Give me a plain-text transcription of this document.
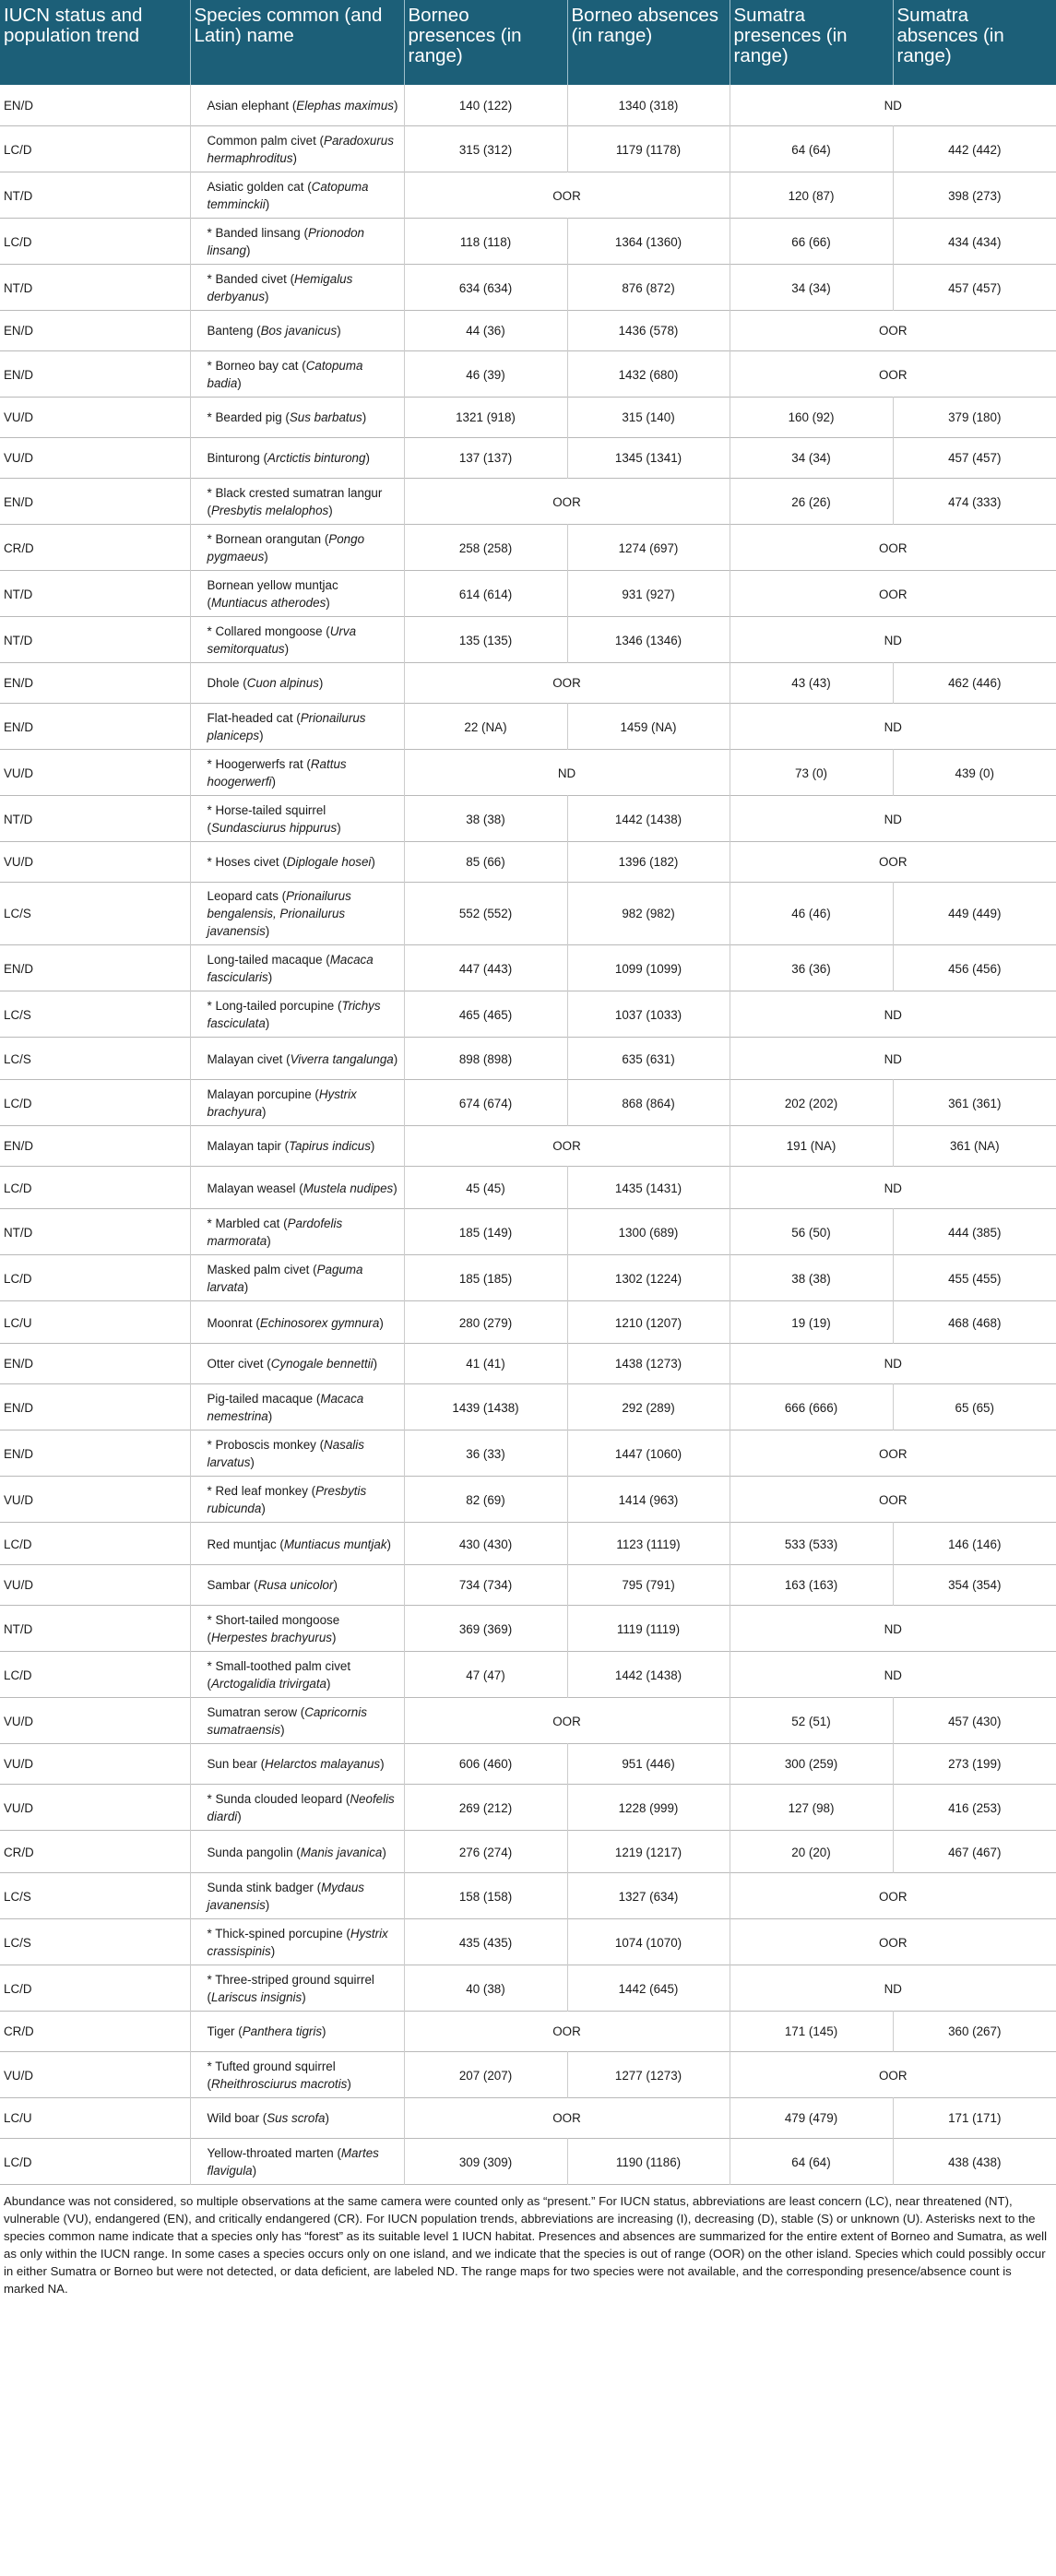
IUCN status and population trend	Species common (and Latin) name	Borneo presences (in range)	Borneo absences (in range)	Sumatra presences (in range)	Sumatra absences (in range)
EN/D	Asian elephant (Elephas maximus)	140 (122)	1340 (318)	ND	
LC/D	Common palm civet (Paradoxurus hermaphroditus)	315 (312)	1179 (1178)	64 (64)	442 (442)
NT/D	Asiatic golden cat (Catopuma temminckii)	OOR		120 (87)	398 (273)
LC/D	* Banded linsang (Prionodon linsang)	118 (118)	1364 (1360)	66 (66)	434 (434)
NT/D	* Banded civet (Hemigalus derbyanus)	634 (634)	876 (872)	34 (34)	457 (457)
EN/D	Banteng (Bos javanicus)	44 (36)	1436 (578)	OOR	
EN/D	* Borneo bay cat (Catopuma badia)	46 (39)	1432 (680)	OOR	
VU/D	* Bearded pig (Sus barbatus)	1321 (918)	315 (140)	160 (92)	379 (180)
VU/D	Binturong (Arctictis binturong)	137 (137)	1345 (1341)	34 (34)	457 (457)
EN/D	* Black crested sumatran langur (Presbytis melalophos)	OOR		26 (26)	474 (333)
CR/D	* Bornean orangutan (Pongo pygmaeus)	258 (258)	1274 (697)	OOR	
NT/D	Bornean yellow muntjac (Muntiacus atherodes)	614 (614)	931 (927)	OOR	
NT/D	* Collared mongoose (Urva semitorquatus)	135 (135)	1346 (1346)	ND	
EN/D	Dhole (Cuon alpinus)	OOR		43 (43)	462 (446)
EN/D	Flat-headed cat (Prionailurus planiceps)	22 (NA)	1459 (NA)	ND	
VU/D	* Hoogerwerfs rat (Rattus hoogerwerfi)	ND		73 (0)	439 (0)
NT/D	* Horse-tailed squirrel (Sundasciurus hippurus)	38 (38)	1442 (1438)	ND	
VU/D	* Hoses civet (Diplogale hosei)	85 (66)	1396 (182)	OOR	
LC/S	Leopard cats (Prionailurus bengalensis, Prionailurus javanensis)	552 (552)	982 (982)	46 (46)	449 (449)
EN/D	Long-tailed macaque (Macaca fascicularis)	447 (443)	1099 (1099)	36 (36)	456 (456)
LC/S	* Long-tailed porcupine (Trichys fasciculata)	465 (465)	1037 (1033)	ND	
LC/S	Malayan civet (Viverra tangalunga)	898 (898)	635 (631)	ND	
LC/D	Malayan porcupine (Hystrix brachyura)	674 (674)	868 (864)	202 (202)	361 (361)
EN/D	Malayan tapir (Tapirus indicus)	OOR		191 (NA)	361 (NA)
LC/D	Malayan weasel (Mustela nudipes)	45 (45)	1435 (1431)	ND	
NT/D	* Marbled cat (Pardofelis marmorata)	185 (149)	1300 (689)	56 (50)	444 (385)
LC/D	Masked palm civet (Paguma larvata)	185 (185)	1302 (1224)	38 (38)	455 (455)
LC/U	Moonrat (Echinosorex gymnura)	280 (279)	1210 (1207)	19 (19)	468 (468)
EN/D	Otter civet (Cynogale bennettii)	41 (41)	1438 (1273)	ND	
EN/D	Pig-tailed macaque (Macaca nemestrina)	1439 (1438)	292 (289)	666 (666)	65 (65)
EN/D	* Proboscis monkey (Nasalis larvatus)	36 (33)	1447 (1060)	OOR	
VU/D	* Red leaf monkey (Presbytis rubicunda)	82 (69)	1414 (963)	OOR	
LC/D	Red muntjac (Muntiacus muntjak)	430 (430)	1123 (1119)	533 (533)	146 (146)
VU/D	Sambar (Rusa unicolor)	734 (734)	795 (791)	163 (163)	354 (354)
NT/D	* Short-tailed mongoose (Herpestes brachyurus)	369 (369)	1119 (1119)	ND	
LC/D	* Small-toothed palm civet (Arctogalidia trivirgata)	47 (47)	1442 (1438)	ND	
VU/D	Sumatran serow (Capricornis sumatraensis)	OOR		52 (51)	457 (430)
VU/D	Sun bear (Helarctos malayanus)	606 (460)	951 (446)	300 (259)	273 (199)
VU/D	* Sunda clouded leopard (Neofelis diardi)	269 (212)	1228 (999)	127 (98)	416 (253)
CR/D	Sunda pangolin (Manis javanica)	276 (274)	1219 (1217)	20 (20)	467 (467)
LC/S	Sunda stink badger (Mydaus javanensis)	158 (158)	1327 (634)	OOR	
LC/S	* Thick-spined porcupine (Hystrix crassispinis)	435 (435)	1074 (1070)	OOR	
LC/D	* Three-striped ground squirrel (Lariscus insignis)	40 (38)	1442 (645)	ND	
CR/D	Tiger (Panthera tigris)	OOR		171 (145)	360 (267)
VU/D	* Tufted ground squirrel (Rheithrosciurus macrotis)	207 (207)	1277 (1273)	OOR	
LC/U	Wild boar (Sus scrofa)	OOR		479 (479)	171 (171)
LC/D	Yellow-throated marten (Martes flavigula)	309 (309)	1190 (1186)	64 (64)	438 (438)
Abundance was not considered, so multiple observations at the same camera were counted only as “present.” For IUCN status, abbreviations are least concern (LC), near threatened (NT), vulnerable (VU), endangered (EN), and critically endangered (CR). For IUCN population trends, abbreviations are increasing (I), decreasing (D), stable (S) or unknown (U). Asterisks next to the species common name indicate that a species only has “forest” as its suitable level 1 IUCN habitat. Presences and absences are summarized for the entire extent of Borneo and Sumatra, as well as only within the IUCN range. In some cases a species occurs only on one island, and we indicate that the species is out of range (OOR) on the other island. Species which could possibly occur in either Sumatra or Borneo but were not detected, or data deficient, are labeled ND. The range maps for two species were not available, and the corresponding presence/absence count is marked NA.
